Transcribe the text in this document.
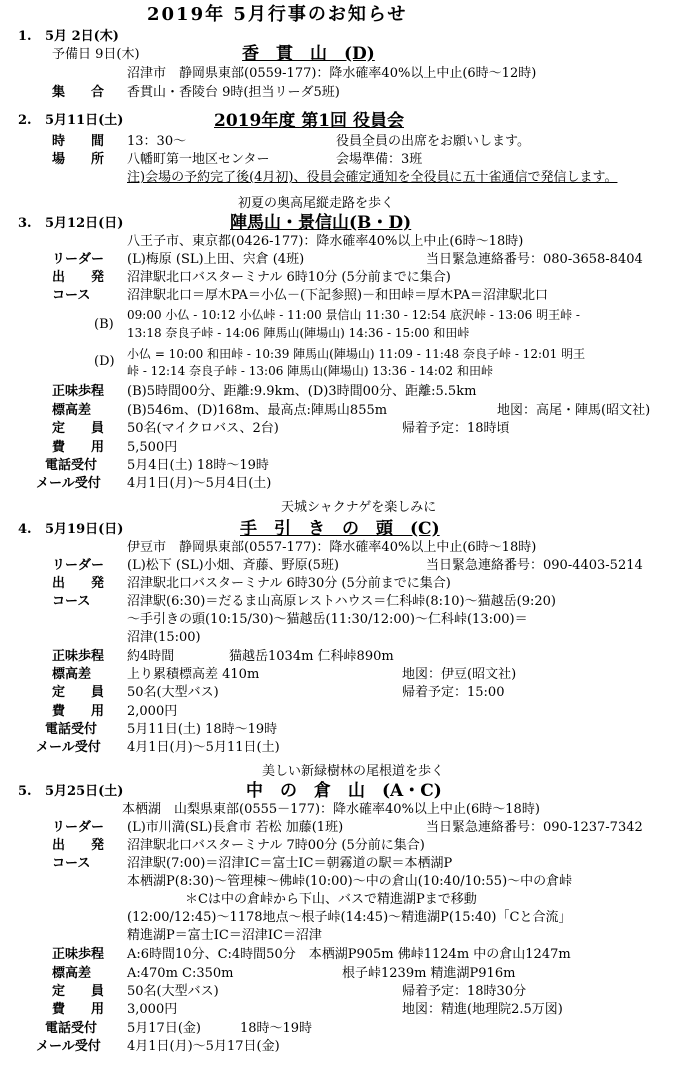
2019年 5月行事のお知らせ
1. 5月 2日(木)
予備日 9日(木)	香　貫　山　(D)
沼津市　静岡県東部(0559-177)：降水確率40%以上中止(6時～12時)
集　　合 香貫山・香陵台 9時(担当リーダ5班)
2. 5月11日(土)	2019年度 第1回 役員会
時　　間 13：30～	役員全員の出席をお願いします。
場　　所 八幡町第一地区センター	会場準備：3班
注)会場の予約完了後(4月初)、役員会確定通知を全役員に五十雀通信で発信します。
初夏の奥高尾縦走路を歩く
3. 5月12日(日)	陣馬山・景信山(B・D)
八王子市、東京都(0426-177)：降水確率40%以上中止(6時～18時)
リーダー (L)梅原 (SL)上田、宍倉 (4班)	当日緊急連絡番号：080-3658-8404
出　　発 沼津駅北口バスターミナル 6時10分 (5分前までに集合)
コース	沼津駅北口＝厚木PA＝小仏－(下記参照)－和田峠＝厚木PA＝沼津駅北口
(B)
09:00 小仏 - 10:12 小仏峠 - 11:00 景信山 11:30 - 12:54 底沢峠 - 13:06 明王峠 -
13:18 奈良子峠 - 14:06 陣馬山(陣場山) 14:36 - 15:00 和田峠
(D) 小仏 = 10:00 和田峠 - 10:39 陣馬山(陣場山) 11:09 - 11:48 奈良子峠 - 12:01 明王
峠 - 12:14 奈良子峠 - 13:06 陣馬山(陣場山) 13:36 - 14:02 和田峠
正味歩程 (B)5時間00分、距離:9.9km、(D)3時間00分、距離:5.5km
標高差	(B)546m、(D)168m、最高点:陣馬山855m	地図：高尾・陣馬(昭文社)
定　　員 50名(マイクロバス、2台)	帰着予定：18時頃
費　　用 5,500円
電話受付 5月4日(土) 18時～19時
メール受付 4月1日(月)～5月4日(土)
天城シャクナゲを楽しみに
4. 5月19日(日)	手　引　き　の　頭　(C)
伊豆市　静岡県東部(0557-177)：降水確率40%以上中止(6時～18時)
リーダー (L)松下 (SL)小畑、斉藤、野原(5班)	当日緊急連絡番号：090-4403-5214
出　　発 沼津駅北口バスターミナル 6時30分 (5分前までに集合)
コース	沼津駅(6:30)＝だるま山高原レストハウス＝仁科峠(8:10)～猫越岳(9:20)
～手引きの頭(10:15/30)～猫越岳(11:30/12:00)～仁科峠(13:00)＝
沼津(15:00)
正味歩程 約4時間	猫越岳1034m 仁科峠890m
標高差	上り累積標高差 410m	地図：伊豆(昭文社)
定　　員 50名(大型バス)	帰着予定：15:00
費　　用 2,000円
電話受付 5月11日(土) 18時～19時
メール受付 4月1日(月)～5月11日(土)
美しい新緑樹林の尾根道を歩く
5. 5月25日(土)	中　の　倉　山　(A・C)
本栖湖　山梨県東部(0555－177)：降水確率40%以上中止(6時～18時)
リーダー (L)市川満(SL)長倉市 若松 加藤(1班)	当日緊急連絡番号：090-1237-7342
出　　発 沼津駅北口バスターミナル 7時00分 (5分前に集合)
コース	沼津駅(7:00)＝沼津IC＝富士IC＝朝霧道の駅＝本栖湖P
本栖湖P(8:30)～管理棟～佛峠(10:00)～中の倉山(10:40/10:55)～中の倉峠
＊Cは中の倉峠から下山、バスで精進湖Pまで移動
(12:00/12:45)～1178地点～根子峠(14:45)～精進湖P(15:40)「Cと合流」
精進湖P＝富士IC＝沼津IC＝沼津
正味歩程 A:6時間10分、C:4時間50分　本栖湖P905m 佛峠1124m 中の倉山1247m
標高差	A:470m C:350m	根子峠1239m 精進湖P916m
定　　員 50名(大型バス)	帰着予定：18時30分
費　　用 3,000円	地図：精進(地理院2.5万図)
電話受付 5月17日(金)　　　18時～19時
メール受付 4月1日(月)～5月17日(金)
